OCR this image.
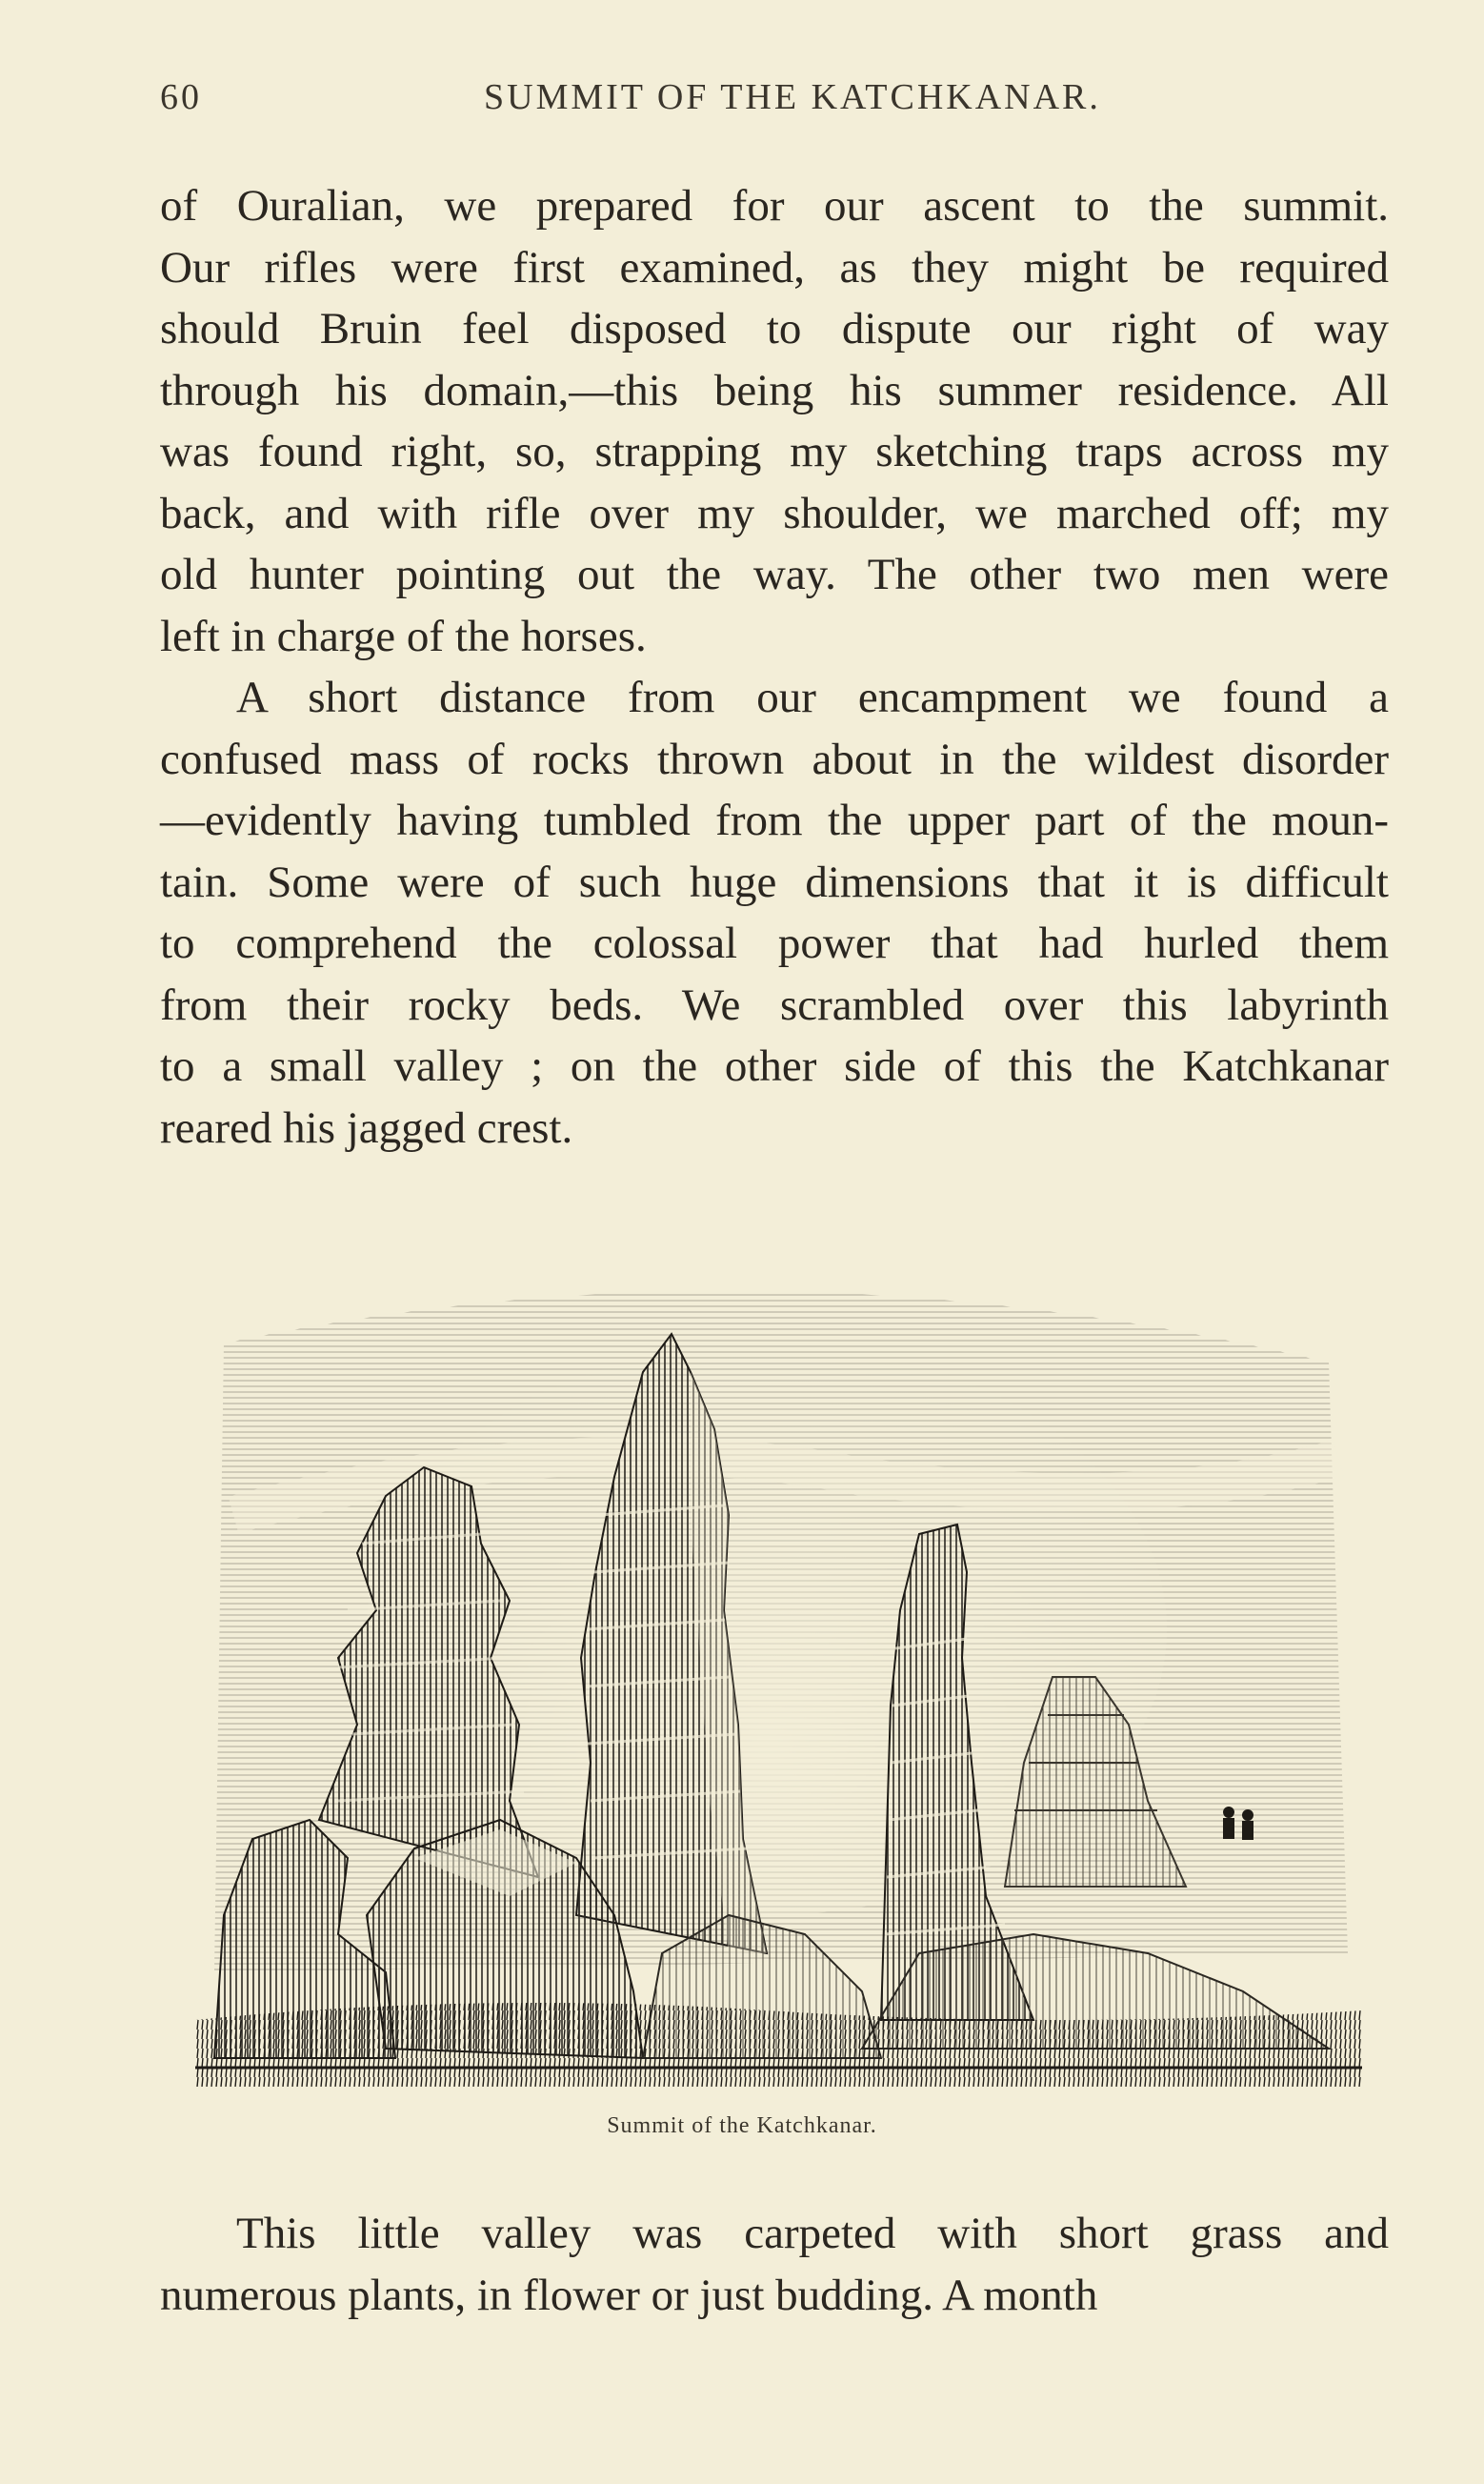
60	SUMMIT OF THE KATCHKANAR.
of Ouralian, we prepared for our ascent to the summit.
Our rifles were first examined, as they might be required
should Bruin feel disposed to dispute our right of way
through his domain,—this being his summer residence. All
was found right, so, strapping my sketching traps across my
back, and with rifle over my shoulder, we marched off; my
old hunter pointing out the way. The other two men were
left in charge of the horses.
A short distance from our encampment we found a
confused mass of rocks thrown about in the wildest disorder
—evidently having tumbled from the upper part of the moun-
tain. Some were of such huge dimensions that it is difficult
to comprehend the colossal power that had hurled them
from their rocky beds. We scrambled over this labyrinth
to a small valley ; on the other side of this the Katchkanar
reared his jagged crest.
Summit of the Katchkanar.
This little valley was carpeted with short grass and
numerous plants, in flower or just budding. A month
